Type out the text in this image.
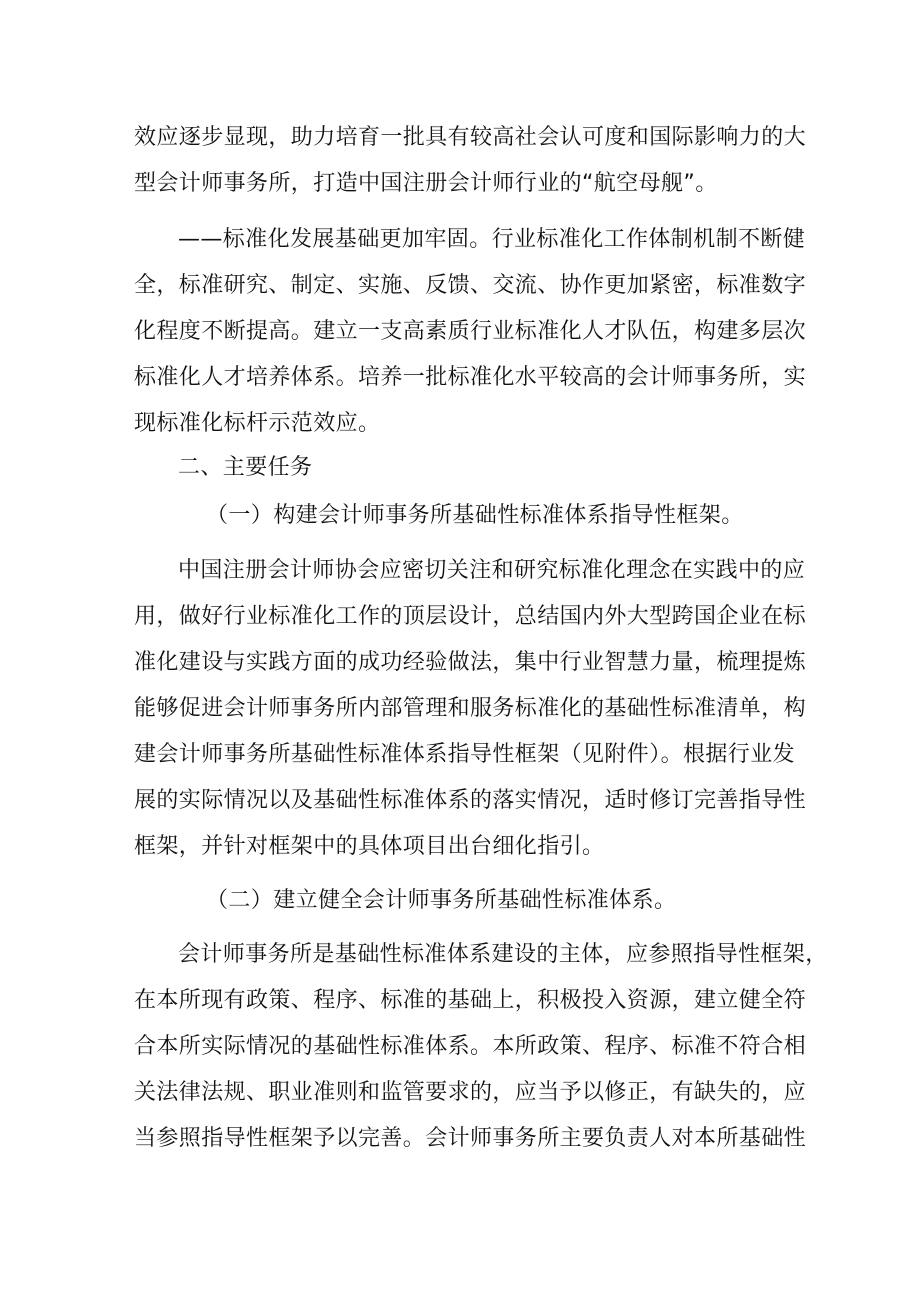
效应逐步显现，助力培育一批具有较高社会认可度和国际影响力的大
型会计师事务所，打造中国注册会计师行业的“航空母舰”。
——标准化发展基础更加牢固。行业标准化工作体制机制不断健
全，标准研究、制定、实施、反馈、交流、协作更加紧密，标准数字
化程度不断提高。建立一支高素质行业标准化人才队伍，构建多层次
标准化人才培养体系。培养一批标准化水平较高的会计师事务所，实
现标准化标杆示范效应。
二、主要任务
（一）构建会计师事务所基础性标准体系指导性框架。
中国注册会计师协会应密切关注和研究标准化理念在实践中的应
用，做好行业标准化工作的顶层设计，总结国内外大型跨国企业在标
准化建设与实践方面的成功经验做法，集中行业智慧力量，梳理提炼
能够促进会计师事务所内部管理和服务标准化的基础性标准清单，构
建会计师事务所基础性标准体系指导性框架（见附件）。根据行业发
展的实际情况以及基础性标准体系的落实情况，适时修订完善指导性
框架，并针对框架中的具体项目出台细化指引。
（二）建立健全会计师事务所基础性标准体系。
会计师事务所是基础性标准体系建设的主体，应参照指导性框架，
在本所现有政策、程序、标准的基础上，积极投入资源，建立健全符
合本所实际情况的基础性标准体系。本所政策、程序、标准不符合相
关法律法规、职业准则和监管要求的，应当予以修正，有缺失的，应
当参照指导性框架予以完善。会计师事务所主要负责人对本所基础性
